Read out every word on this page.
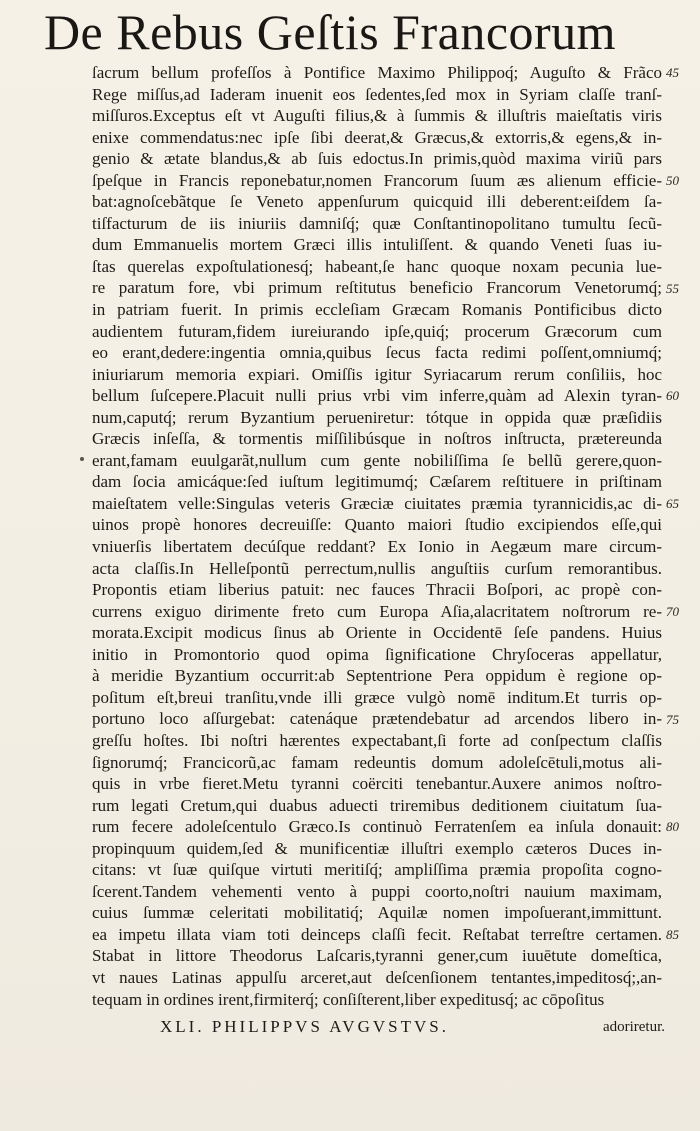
De Rebus Geſtis Francorum
ſacrum bellum profeſſos à Pontifice Maximo Philippoq́; Auguſto & Frãco
Rege miſſus,ad Iaderam inuenit eos ſedentes,ſed mox in Syriam claſſe tranſ-
miſſuros.Exceptus eſt vt Auguſti filius,& à ſummis & illuſtris maieſtatis viris
enixe commendatus:nec ipſe ſibi deerat,& Græcus,& extorris,& egens,& in-
genio & ætate blandus,& ab ſuis edoctus.In primis,quòd maxima viriũ pars
ſpeſque in Francis reponebatur,nomen Francorum ſuum æs alienum efficie-
bat:agnoſcebãtque ſe Veneto appenſurum quicquid illi deberent:eiſdem ſa-
tiſfacturum de iis iniuriis damniſq́; quæ Conſtantinopolitano tumultu ſecũ-
dum Emmanuelis mortem Græci illis intuliſſent. & quando Veneti ſuas iu-
ſtas querelas expoſtulationesq́; habeant,ſe hanc quoque noxam pecunia lue-
re paratum fore, vbi primum reſtitutus beneficio Francorum Venetorumq́;
in patriam fuerit. In primis eccleſiam Græcam Romanis Pontificibus dicto
audientem futuram,fidem iureiurando ipſe,quiq́; procerum Græcorum cum
eo erant,dedere:ingentia omnia,quibus ſecus facta redimi poſſent,omniumq́;
iniuriarum memoria expiari. Omiſſis igitur Syriacarum rerum conſiliis, hoc
bellum ſuſcepere.Placuit nulli prius vrbi vim inferre,quàm ad Alexin tyran-
num,caputq́; rerum Byzantium perueniretur: tótque in oppida quæ præſidiis
Græcis inſeſſa, & tormentis miſſilibúsque in noſtros inſtructa, prætereunda
erant,famam euulgarãt,nullum cum gente nobiliſſima ſe bellũ gerere,quon-
dam ſocia amicáque:ſed iuſtum legitimumq́; Cæſarem reſtituere in priſtinam
maieſtatem velle:Singulas veteris Græciæ ciuitates præmia tyrannicidis,ac di-
uinos propè honores decreuiſſe: Quanto maiori ſtudio excipiendos eſſe,qui
vniuerſis libertatem decúſque reddant? Ex Ionio in Aegæum mare circum-
acta claſſis.In Helleſpontũ perrectum,nullis anguſtiis curſum remorantibus.
Propontis etiam liberius patuit: nec fauces Thracii Boſpori, ac propè con-
currens exiguo dirimente freto cum Europa Aſia,alacritatem noſtrorum re-
morata.Excipit modicus ſinus ab Oriente in Occidentē ſeſe pandens. Huius
initio in Promontorio quod opima ſignificatione Chryſoceras appellatur,
à meridie Byzantium occurrit:ab Septentrione Pera oppidum è regione op-
poſitum eſt,breui tranſitu,vnde illi græce vulgò nomē inditum.Et turris op-
portuno loco aſſurgebat: catenáque prætendebatur ad arcendos libero in-
greſſu hoſtes. Ibi noſtri hærentes expectabant,ſi forte ad conſpectum claſſis
ſignorumq́; Francicorũ,ac famam redeuntis domum adoleſcētuli,motus ali-
quis in vrbe fieret.Metu tyranni coërciti tenebantur.Auxere animos noſtro-
rum legati Cretum,qui duabus aduecti triremibus deditionem ciuitatum ſua-
rum fecere adoleſcentulo Græco.Is continuò Ferratenſem ea inſula donauit:
propinquum quidem,ſed & munificentiæ illuſtri exemplo cæteros Duces in-
citans: vt ſuæ quiſque virtuti meritiſq́; ampliſſima præmia propoſita cogno-
ſcerent.Tandem vehementi vento à puppi coorto,noſtri nauium maximam,
cuius ſummæ celeritati mobilitatiq́; Aquilæ nomen impoſuerant,immittunt.
ea impetu illata viam toti deinceps claſſi fecit. Reſtabat terreſtre certamen.
Stabat in littore Theodorus Laſcaris,tyranni gener,cum iuuētute domeſtica,
vt naues Latinas appulſu arceret,aut deſcenſionem tentantes,impeditosq́;,an-
tequam in ordines irent,firmiterq́; conſiſterent,liber expeditusq́; ac cōpoſitus
45
50
55
60
65
70
75
80
85
XLI. PHILIPPVS AVGVSTVS.	adoriretur.
